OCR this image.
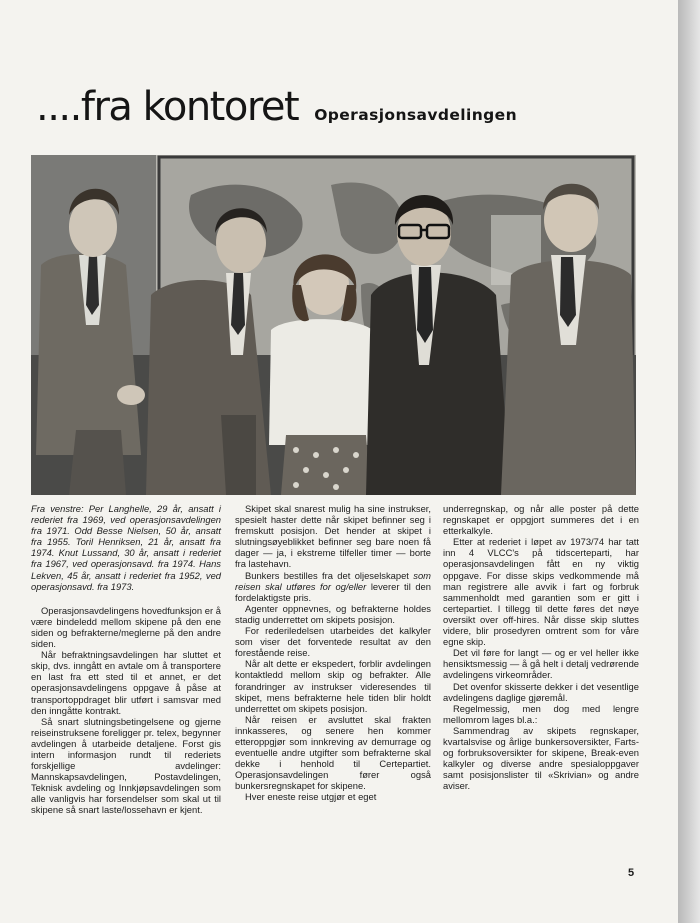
....fra kontoret Operasjonsavdelingen

Fra venstre: Per Langhelle, 29 år, ansatt i rederiet fra 1969, ved operasjonsavdelingen fra 1971. Odd Besse Nielsen, 50 år, ansatt fra 1955. Toril Henriksen, 21 år, ansatt fra 1974. Knut Lussand, 30 år, ansatt i rederiet fra 1967, ved operasjonsavd. fra 1974. Hans Lekven, 45 år, ansatt i rederiet fra 1952, ved operasjonsavd. fra 1973.

Operasjonsavdelingens hovedfunksjon er å være bindeledd mellom skipene på den ene siden og befrakterne/meglerne på den andre siden.

Når befraktningsavdelingen har sluttet et skip, dvs. inngått en avtale om å transportere en last fra ett sted til et annet, er det operasjonsavdelingens oppgave å påse at transportoppdraget blir utført i samsvar med den inngåtte kontrakt.

Så snart slutningsbetingelsene og gjerne reiseinstruksene foreligger pr. telex, begynner avdelingen å utarbeide detaljene. Forst gis intern informasjon rundt til rederiets forskjellige avdelinger: Mannskapsavdelingen, Postavdelingen, Teknisk avdeling og Innkjøpsavdelingen som alle vanligvis har forsendelser som skal ut til skipene så snart laste/lossehavn er kjent.

Skipet skal snarest mulig ha sine instrukser, spesielt haster dette når skipet befinner seg i fremskutt posisjon. Det hender at skipet i slutningsøyeblikket befinner seg bare noen få dager — ja, i ekstreme tilfeller timer — borte fra lastehavn.

Bunkers bestilles fra det oljeselskapet som reisen skal utføres for og/eller leverer til den fordelaktigste pris.

Agenter oppnevnes, og befrakterne holdes stadig underrettet om skipets posisjon.

For rederiledelsen utarbeides det kalkyler som viser det forventede resultat av den forestående reise.

Når alt dette er ekspedert, forblir avdelingen kontaktledd mellom skip og befrakter. Alle forandringer av instrukser videresendes til skipet, mens befrakterne hele tiden blir holdt underrettet om skipets posisjon.

Når reisen er avsluttet skal frakten innkasseres, og senere hen kommer etteroppgjør som innkreving av demurrage og eventuelle andre utgifter som befrakterne skal dekke i henhold til Certepartiet. Operasjonsavdelingen fører også bunkersregnskapet for skipene.

Hver eneste reise utgjør et eget

underregnskap, og når alle poster på dette regnskapet er oppgjort summeres det i en etterkalkyle.

Etter at rederiet i løpet av 1973/74 har tatt inn 4 VLCC's på tidscerteparti, har operasjonsavdelingen fått en ny viktig oppgave. For disse skips vedkommende må man registrere alle avvik i fart og forbruk sammenholdt med garantien som er gitt i certepartiet. I tillegg til dette føres det nøye oversikt over off-hires. Når disse skip sluttes videre, blir prosedyren omtrent som for våre egne skip.

Det vil føre for langt — og er vel heller ikke hensiktsmessig — å gå helt i detalj vedrørende avdelingens virkeområder.

Det ovenfor skisserte dekker i det vesentlige avdelingens daglige gjøremål.

Regelmessig, men dog med lengre mellomrom lages bl.a.:

Sammendrag av skipets regnskaper, kvartalsvise og årlige bunkersoversikter, Farts- og forbruksoversikter for skipene, Break-even kalkyler og diverse andre spesialoppgaver samt posisjonslister til «Skrivian» og andre aviser.

5
